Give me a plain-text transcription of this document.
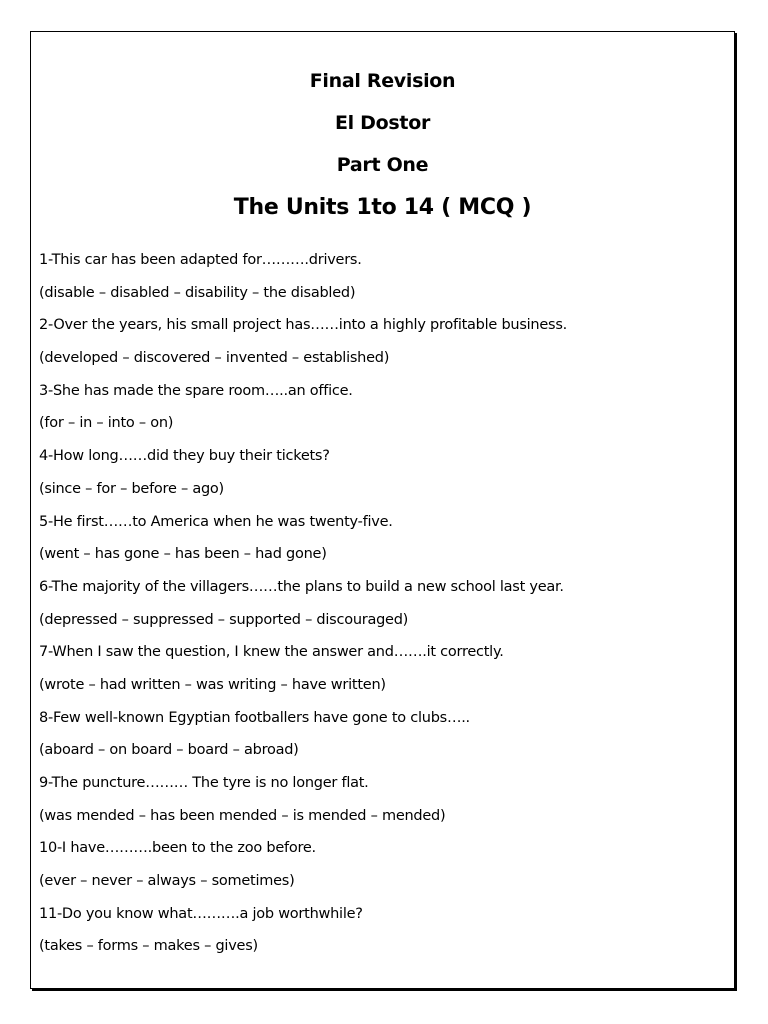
Final Revision
El Dostor
Part One
The Units 1to 14 ( MCQ )
1-This car has been adapted for……….drivers.
(disable – disabled – disability – the disabled)
2-Over the years, his small project has……into a highly profitable business.
(developed – discovered – invented – established)
3-She has made the spare room…..an office.
(for – in – into – on)
4-How long……did they buy their tickets?
(since – for – before – ago)
5-He first……to America when he was twenty-five.
(went – has gone – has been – had gone)
6-The majority of the villagers……the plans to build a new school last year.
(depressed – suppressed – supported – discouraged)
7-When I saw the question, I knew the answer and…….it correctly.
(wrote – had written – was writing – have written)
8-Few well-known Egyptian footballers have gone to clubs…..
(aboard – on board – board – abroad)
9-The puncture……… The tyre is no longer flat.
(was mended – has been mended – is mended – mended)
10-I have……….been to the zoo before.
(ever – never – always – sometimes)
11-Do you know what……….a job worthwhile?
(takes – forms – makes – gives)
